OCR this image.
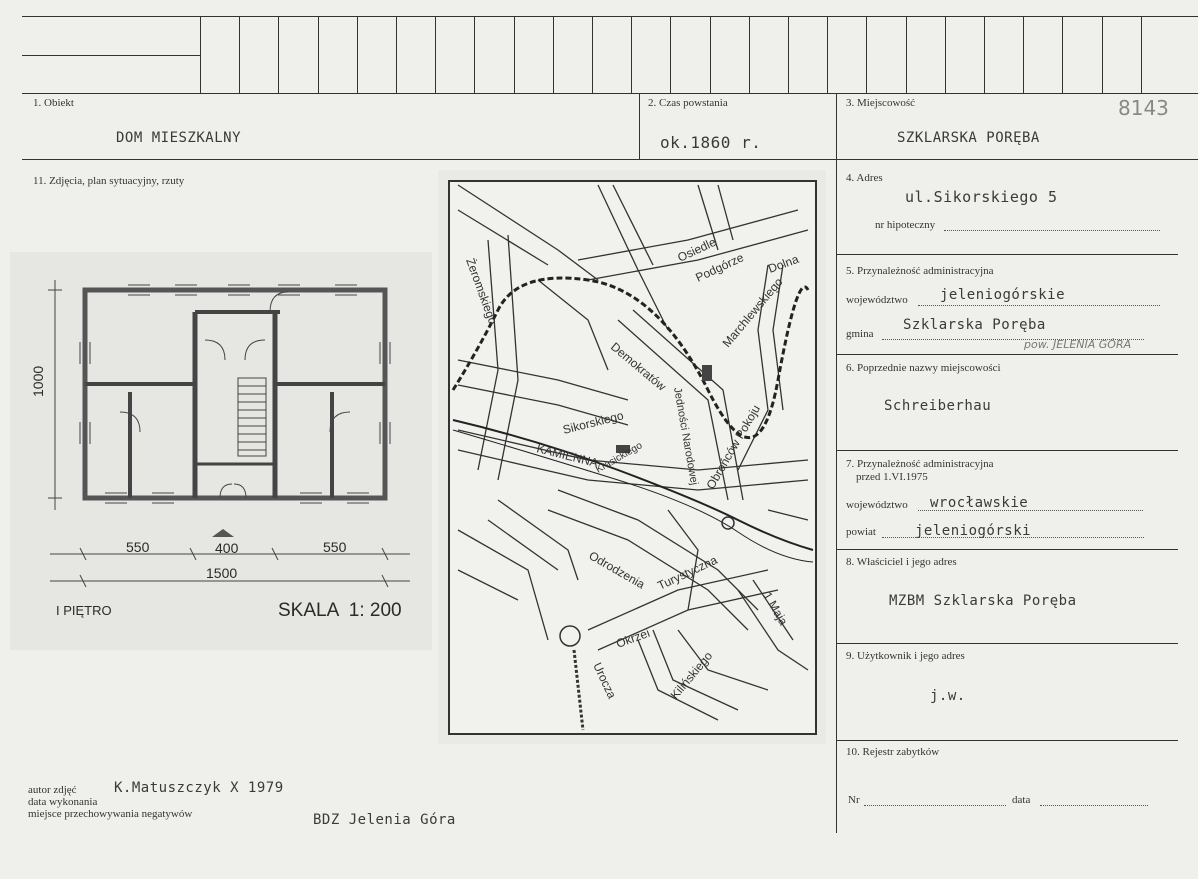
1. Obiekt
DOM MIESZKALNY
2. Czas powstania
ok.1860 r.
3. Miejscowość
SZKLARSKA PORĘBA
8143
11. Zdjęcia, plan sytuacyjny, rzuty
1000
550	400	550
1500
I PIĘTRO	SKALA  1: 200
Żeromskiego
Osiedle
Podgórze Dolna
Demokratów
Marchlewskiego
Sikorskiego
KAMIENNA
Krasickiego Jedności Narodowej Obrońców Pokoju
Odrodzenia Turystyczna
1 Maja
Okrzei
Urocza	Kilińskiego
4. Adres
ul.Sikorskiego 5
nr hipoteczny
5. Przynależność administracyjna
województwo jeleniogórskie
gmina
Szklarska Poręba
pow. JELENIA GÓRA
6. Poprzednie nazwy miejscowości
Schreiberhau
7. Przynależność administracyjna
przed 1.VI.1975
województwo wrocławskie
powiat	jeleniogórski
8. Właściciel i jego adres
MZBM Szklarska Poręba
9. Użytkownik i jego adres
j.w.
10. Rejestr zabytków
Nr	data
autor zdjęć	K.Matuszczyk X 1979
data wykonania
miejsce przechowywania negatywów	BDZ Jelenia Góra
